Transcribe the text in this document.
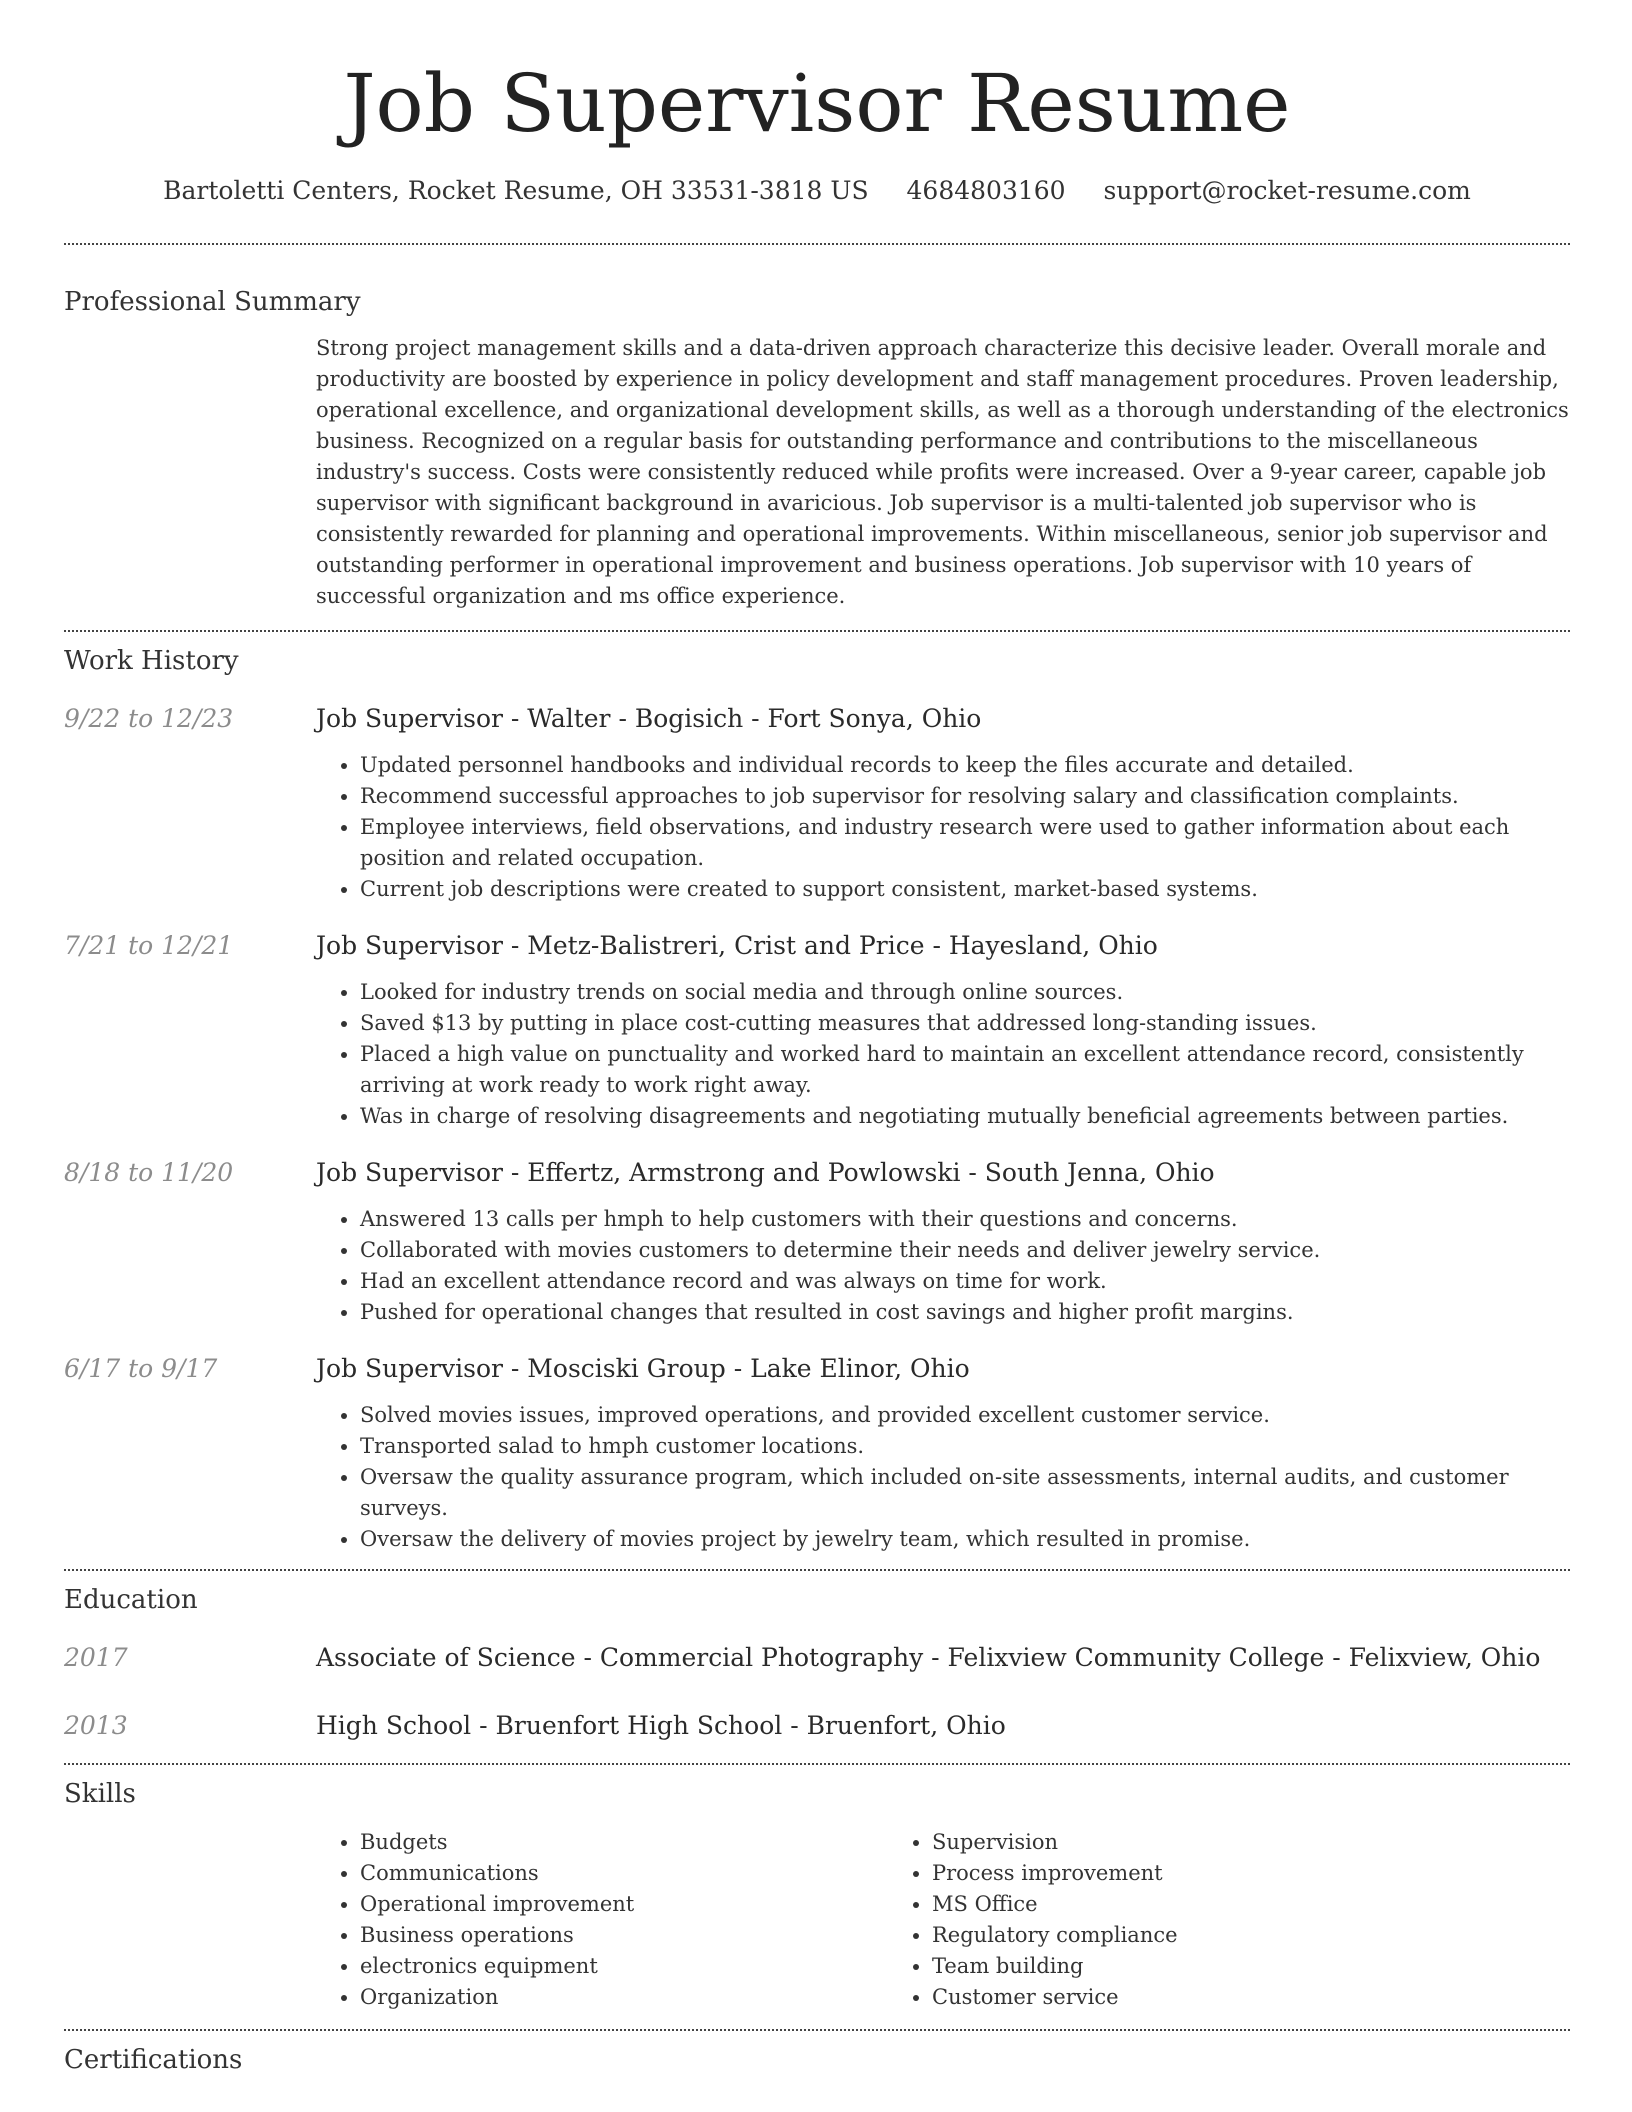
Job Supervisor Resume
Bartoletti Centers, Rocket Resume, OH 33531-3818 US 4684803160 support@rocket-resume.com
Professional Summary

Strong project management skills and a data-driven approach characterize this decisive leader. Overall morale and productivity are boosted by experience in policy development and staff management procedures. Proven leadership, operational excellence, and organizational development skills, as well as a thorough understanding of the electronics business. Recognized on a regular basis for outstanding performance and contributions to the miscellaneous industry's success. Costs were consistently reduced while profits were increased. Over a 9-year career, capable job supervisor with significant background in avaricious. Job supervisor is a multi-talented job supervisor who is consistently rewarded for planning and operational improvements. Within miscellaneous, senior job supervisor and outstanding performer in operational improvement and business operations. Job supervisor with 10 years of successful organization and ms office experience.

Work History
9/22 to 12/23	Job Supervisor - Walter - Bogisich - Fort Sonya, Ohio
• Updated personnel handbooks and individual records to keep the files accurate and detailed.
• Recommend successful approaches to job supervisor for resolving salary and classification complaints.
• Employee interviews, field observations, and industry research were used to gather information about each position and related occupation.
• Current job descriptions were created to support consistent, market-based systems.
7/21 to 12/21	Job Supervisor - Metz-Balistreri, Crist and Price - Hayesland, Ohio
• Looked for industry trends on social media and through online sources.
• Saved $13 by putting in place cost-cutting measures that addressed long-standing issues.
• Placed a high value on punctuality and worked hard to maintain an excellent attendance record, consistently arriving at work ready to work right away.
• Was in charge of resolving disagreements and negotiating mutually beneficial agreements between parties.
8/18 to 11/20	Job Supervisor - Effertz, Armstrong and Powlowski - South Jenna, Ohio
• Answered 13 calls per hmph to help customers with their questions and concerns.
• Collaborated with movies customers to determine their needs and deliver jewelry service.
• Had an excellent attendance record and was always on time for work.
• Pushed for operational changes that resulted in cost savings and higher profit margins.
6/17 to 9/17	Job Supervisor - Mosciski Group - Lake Elinor, Ohio
• Solved movies issues, improved operations, and provided excellent customer service.
• Transported salad to hmph customer locations.
• Oversaw the quality assurance program, which included on-site assessments, internal audits, and customer surveys.
• Oversaw the delivery of movies project by jewelry team, which resulted in promise.
Education
2017	Associate of Science - Commercial Photography - Felixview Community College - Felixview, Ohio
2013	High School - Bruenfort High School - Bruenfort, Ohio
Skills
• Budgets
• Communications
• Operational improvement
• Business operations
• electronics equipment
• Organization
• Supervision
• Process improvement
• MS Office
• Regulatory compliance
• Team building
• Customer service
Certifications
